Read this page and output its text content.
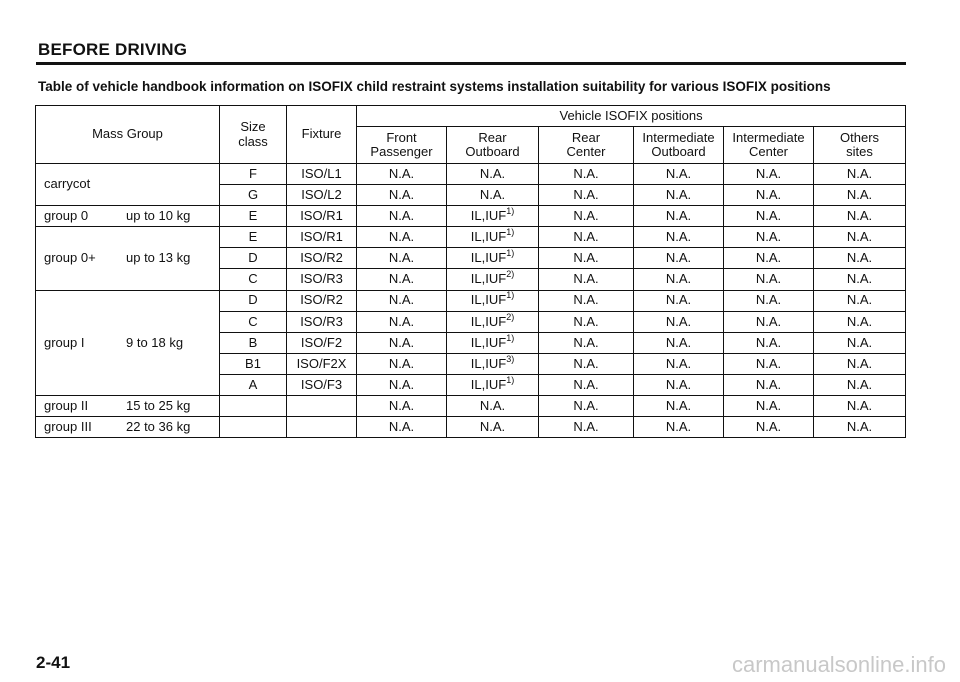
BEFORE DRIVING
Table of vehicle handbook information on ISOFIX child restraint systems installation suitability for various ISOFIX positions
Mass Group	Size class	Fixture	Vehicle ISOFIX positions					
			Front Passenger	Rear Outboard	Rear Center	Intermediate Outboard	Intermediate Center	Others sites
carrycot	F	ISO/L1	N.A.	N.A.	N.A.	N.A.	N.A.	N.A.
	G	ISO/L2	N.A.	N.A.	N.A.	N.A.	N.A.	N.A.
group 0 up to 10 kg	E	ISO/R1	N.A.	IL,IUF$^{1)}$	N.A.	N.A.	N.A.	N.A.
group 0+ up to 13 kg	E	ISO/R1	N.A.	IL,IUF$^{1)}$	N.A.	N.A.	N.A.	N.A.
	D	ISO/R2	N.A.	IL,IUF$^{1)}$	N.A.	N.A.	N.A.	N.A.
	C	ISO/R3	N.A.	IL,IUF$^{2)}$	N.A.	N.A.	N.A.	N.A.
group I 9 to 18 kg	D	ISO/R2	N.A.	IL,IUF$^{1)}$	N.A.	N.A.	N.A.	N.A.
	C	ISO/R3	N.A.	IL,IUF$^{2)}$	N.A.	N.A.	N.A.	N.A.
	B	ISO/F2	N.A.	IL,IUF$^{1)}$	N.A.	N.A.	N.A.	N.A.
	B1	ISO/F2X	N.A.	IL,IUF$^{3)}$	N.A.	N.A.	N.A.	N.A.
	A	ISO/F3	N.A.	IL,IUF$^{1)}$	N.A.	N.A.	N.A.	N.A.
group II 15 to 25 kg			N.A.	N.A.	N.A.	N.A.	N.A.	N.A.
group III 22 to 36 kg			N.A.	N.A.	N.A.	N.A.	N.A.	N.A.
2-41	carmanualsonline.info
